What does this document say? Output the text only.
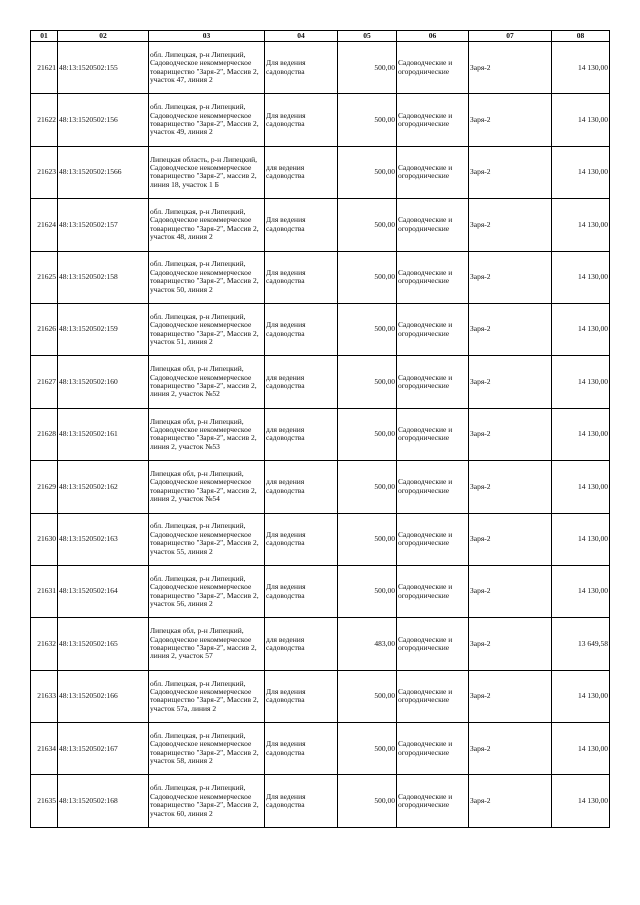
01	02	03	04	05	06	07	08
21621	48:13:1520502:155	обл. Липецкая, р-н Липецкий, Садоводческое некоммерческое товарищество "Заря-2", Массив 2, участок 47, линия 2	Для ведения садоводства	500,00	Садоводческие и огороднические	Заря-2	14 130,00
21622	48:13:1520502:156	обл. Липецкая, р-н Липецкий, Садоводческое некоммерческое товарищество "Заря-2", Массив 2, участок 49, линия 2	Для ведения садоводства	500,00	Садоводческие и огороднические	Заря-2	14 130,00
21623	48:13:1520502:1566	Липецкая область, р-н Липецкий, Садоводческое некоммерческое товарищество "Заря-2", массив 2, линия 18, участок 1 Б	для ведения садоводства	500,00	Садоводческие и огороднические	Заря-2	14 130,00
21624	48:13:1520502:157	обл. Липецкая, р-н Липецкий, Садоводческое некоммерческое товарищество "Заря-2", Массив 2, участок 48, линия 2	Для ведения садоводства	500,00	Садоводческие и огороднические	Заря-2	14 130,00
21625	48:13:1520502:158	обл. Липецкая, р-н Липецкий, Садоводческое некоммерческое товарищество "Заря-2", Массив 2, участок 50, линия 2	Для ведения садоводства	500,00	Садоводческие и огороднические	Заря-2	14 130,00
21626	48:13:1520502:159	обл. Липецкая, р-н Липецкий, Садоводческое некоммерческое товарищество "Заря-2", Массив 2, участок 51, линия 2	Для ведения садоводства	500,00	Садоводческие и огороднические	Заря-2	14 130,00
21627	48:13:1520502:160	Липецкая обл, р-н Липецкий, Садоводческое некоммерческое товарищество "Заря-2", массив 2, линия 2, участок №52	для ведения садоводства	500,00	Садоводческие и огороднические	Заря-2	14 130,00
21628	48:13:1520502:161	Липецкая обл, р-н Липецкий, Садоводческое некоммерческое товарищество "Заря-2", массив 2, линия 2, участок №53	для ведения садоводства	500,00	Садоводческие и огороднические	Заря-2	14 130,00
21629	48:13:1520502:162	Липецкая обл, р-н Липецкий, Садоводческое некоммерческое товарищество "Заря-2", массив 2, линия 2, участок №54	для ведения садоводства	500,00	Садоводческие и огороднические	Заря-2	14 130,00
21630	48:13:1520502:163	обл. Липецкая, р-н Липецкий, Садоводческое некоммерческое товарищество "Заря-2", Массив 2, участок 55, линия 2	Для ведения садоводства	500,00	Садоводческие и огороднические	Заря-2	14 130,00
21631	48:13:1520502:164	обл. Липецкая, р-н Липецкий, Садоводческое некоммерческое товарищество "Заря-2", Массив 2, участок 56, линия 2	Для ведения садоводства	500,00	Садоводческие и огороднические	Заря-2	14 130,00
21632	48:13:1520502:165	Липецкая обл, р-н Липецкий, Садоводческое некоммерческое товарищество "Заря-2", массив 2, линия 2, участок 57	для ведения садоводства	483,00	Садоводческие и огороднические	Заря-2	13 649,58
21633	48:13:1520502:166	обл. Липецкая, р-н Липецкий, Садоводческое некоммерческое товарищество "Заря-2", Массив 2, участок 57а, линия 2	Для ведения садоводства	500,00	Садоводческие и огороднические	Заря-2	14 130,00
21634	48:13:1520502:167	обл. Липецкая, р-н Липецкий, Садоводческое некоммерческое товарищество "Заря-2", Массив 2, участок 58, линия 2	Для ведения садоводства	500,00	Садоводческие и огороднические	Заря-2	14 130,00
21635	48:13:1520502:168	обл. Липецкая, р-н Липецкий, Садоводческое некоммерческое товарищество "Заря-2", Массив 2, участок 60, линия 2	Для ведения садоводства	500,00	Садоводческие и огороднические	Заря-2	14 130,00
